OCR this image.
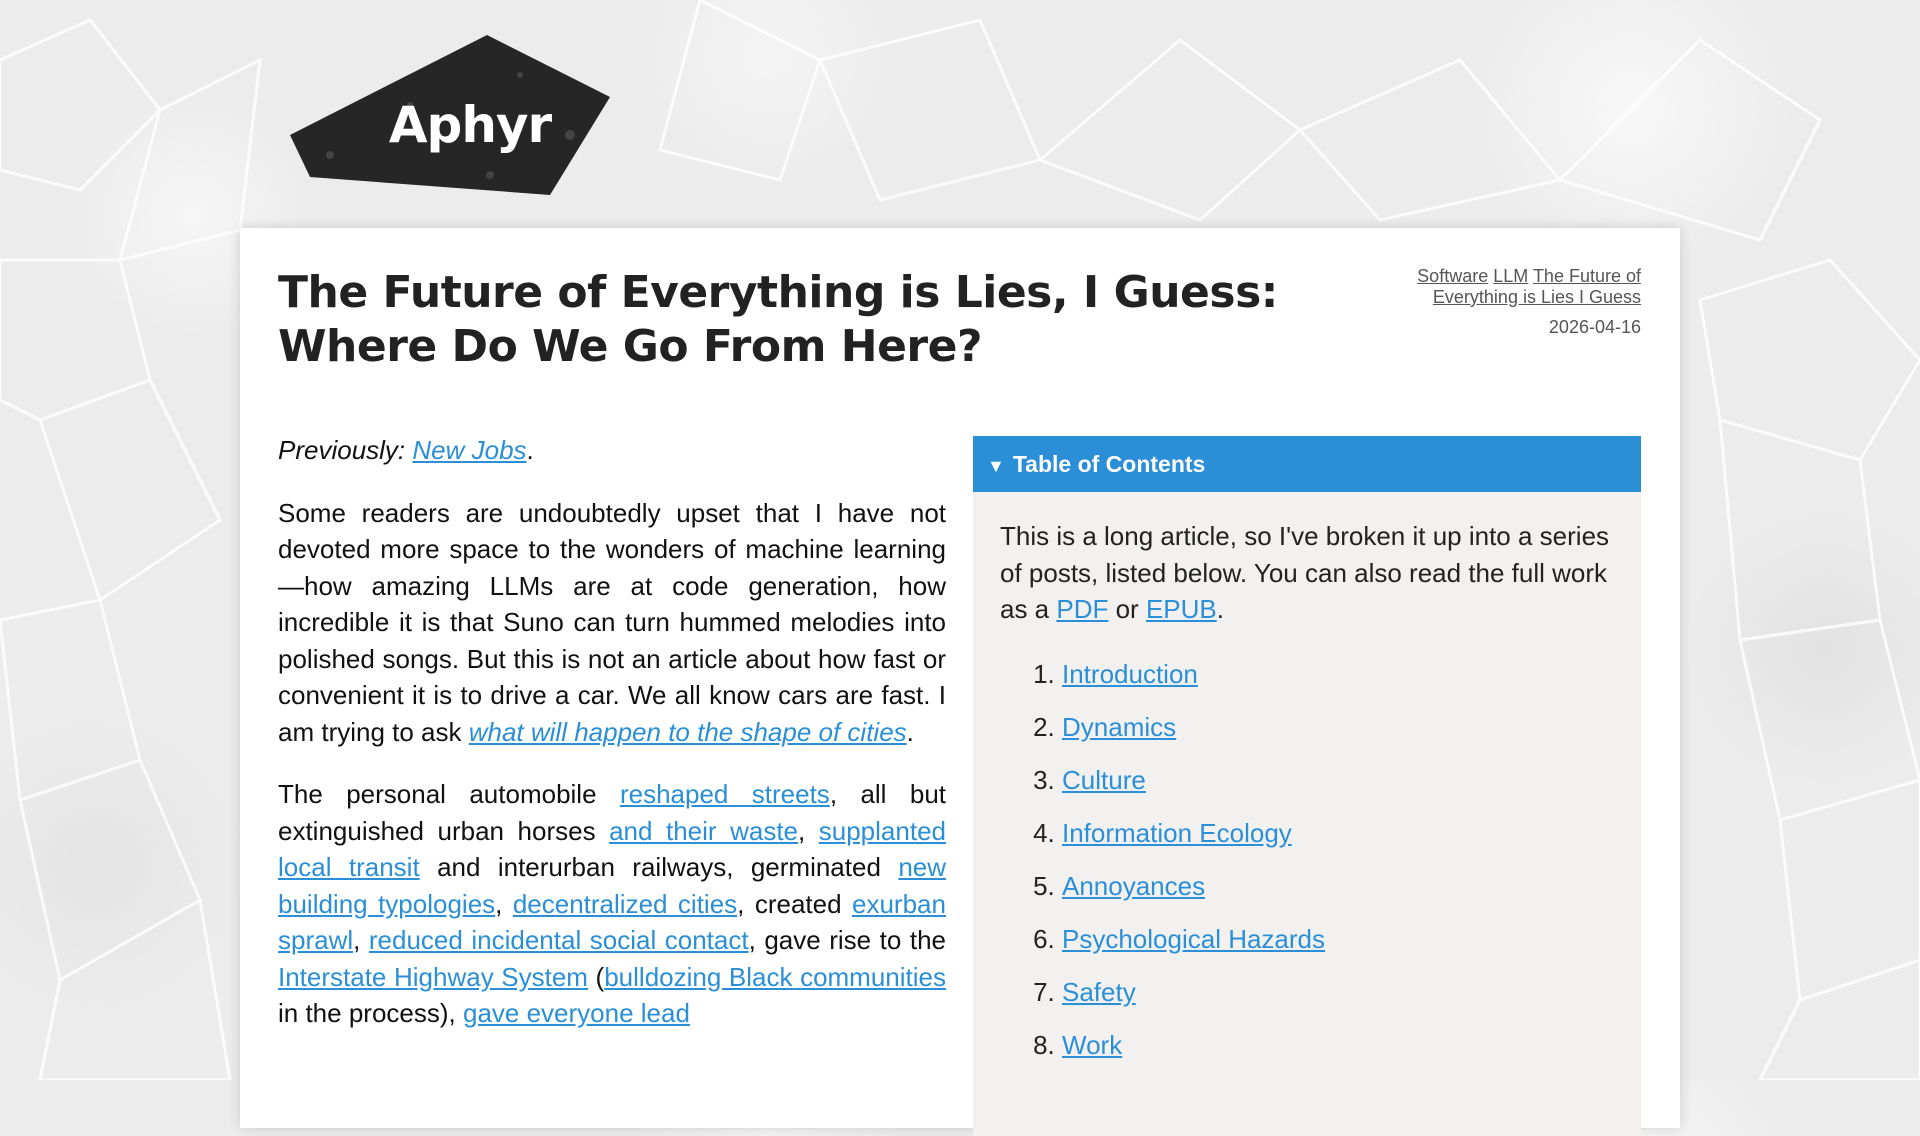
Aphyr
The Future of Everything is Lies, I Guess: Where Do We Go From Here?
Software LLM The Future of Everything is Lies I Guess
2026-04-16

Previously: New Jobs.

Some readers are undoubtedly upset that I have not devoted more space to the wonders of machine learning—how amazing LLMs are at code generation, how incredible it is that Suno can turn hummed melodies into polished songs. But this is not an article about how fast or convenient it is to drive a car. We all know cars are fast. I am trying to ask what will happen to the shape of cities.

The personal automobile reshaped streets, all but extinguished urban horses and their waste, supplanted local transit and interurban railways, germinated new building typologies, decentralized cities, created exurban sprawl, reduced incidental social contact, gave rise to the Interstate Highway System (bulldozing Black communities in the process), gave everyone lead

▼ Table of Contents

This is a long article, so I've broken it up into a series of posts, listed below. You can also read the full work as a PDF or EPUB.

1. Introduction
2. Dynamics
3. Culture
4. Information Ecology
5. Annoyances
6. Psychological Hazards
7. Safety
8. Work
